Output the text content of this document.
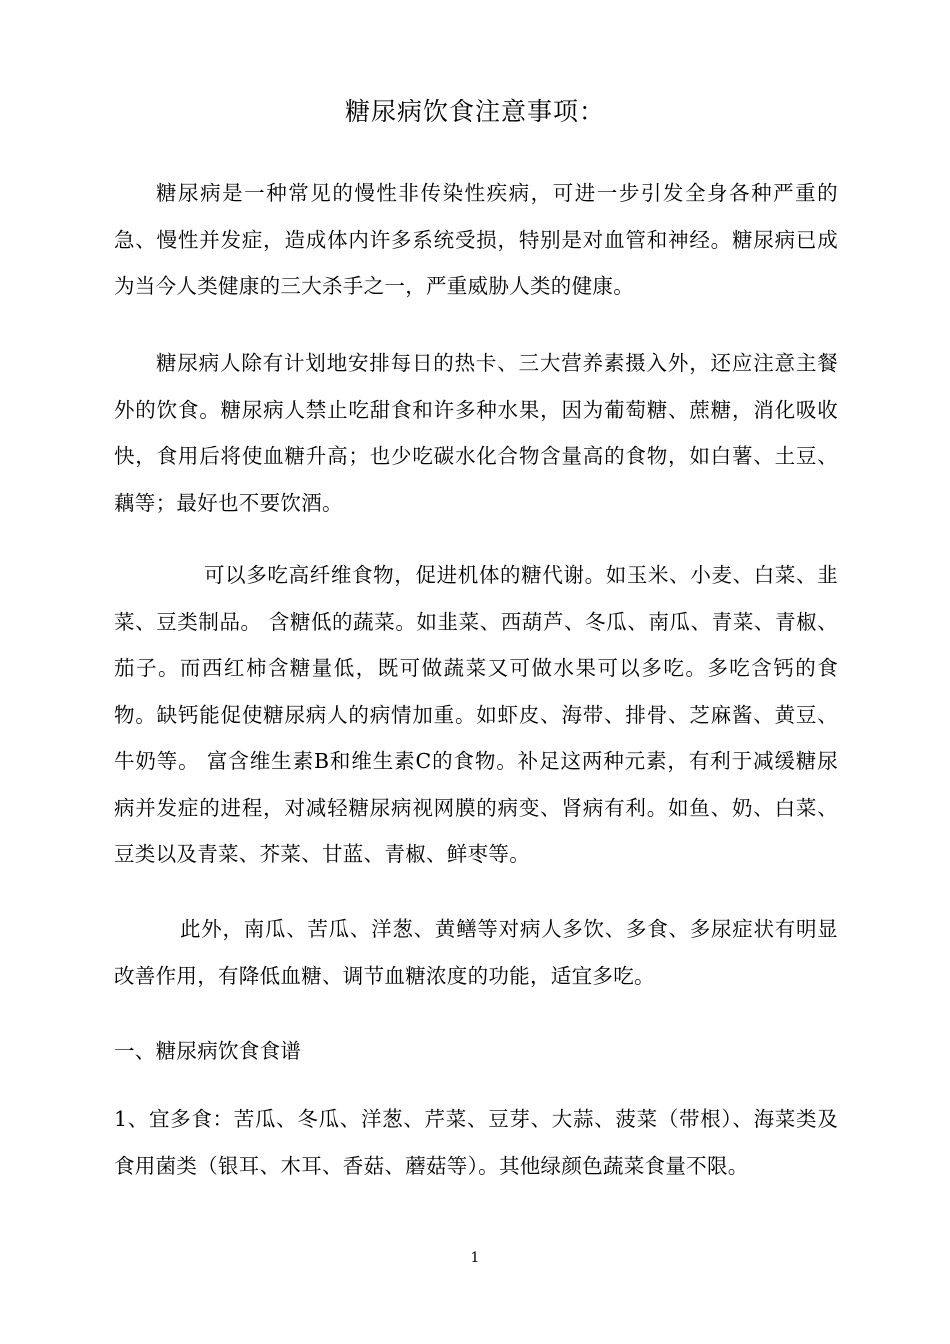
糖尿病饮食注意事项：
糖尿病是一种常见的慢性非传染性疾病，可进一步引发全身各种严重的急、慢性并发症，造成体内许多系统受损，特别是对血管和神经。糖尿病已成为当今人类健康的三大杀手之一，严重威胁人类的健康。
糖尿病人除有计划地安排每日的热卡、三大营养素摄入外，还应注意主餐外的饮食。糖尿病人禁止吃甜食和许多种水果，因为葡萄糖、蔗糖，消化吸收快，食用后将使血糖升高；也少吃碳水化合物含量高的食物，如白薯、土豆、藕等；最好也不要饮酒。
可以多吃高纤维食物，促进机体的糖代谢。如玉米、小麦、白菜、韭菜、豆类制品。 含糖低的蔬菜。如韭菜、西葫芦、冬瓜、南瓜、青菜、青椒、茄子。而西红柿含糖量低，既可做蔬菜又可做水果可以多吃。多吃含钙的食物。缺钙能促使糖尿病人的病情加重。如虾皮、海带、排骨、芝麻酱、黄豆、牛奶等。 富含维生素B和维生素C的食物。补足这两种元素，有利于减缓糖尿病并发症的进程，对减轻糖尿病视网膜的病变、肾病有利。如鱼、奶、白菜、豆类以及青菜、芥菜、甘蓝、青椒、鲜枣等。
此外，南瓜、苦瓜、洋葱、黄鳝等对病人多饮、多食、多尿症状有明显改善作用，有降低血糖、调节血糖浓度的功能，适宜多吃。
一、糖尿病饮食食谱
1、宜多食：苦瓜、冬瓜、洋葱、芹菜、豆芽、大蒜、菠菜（带根）、海菜类及食用菌类（银耳、木耳、香菇、蘑菇等）。其他绿颜色蔬菜食量不限。
1
